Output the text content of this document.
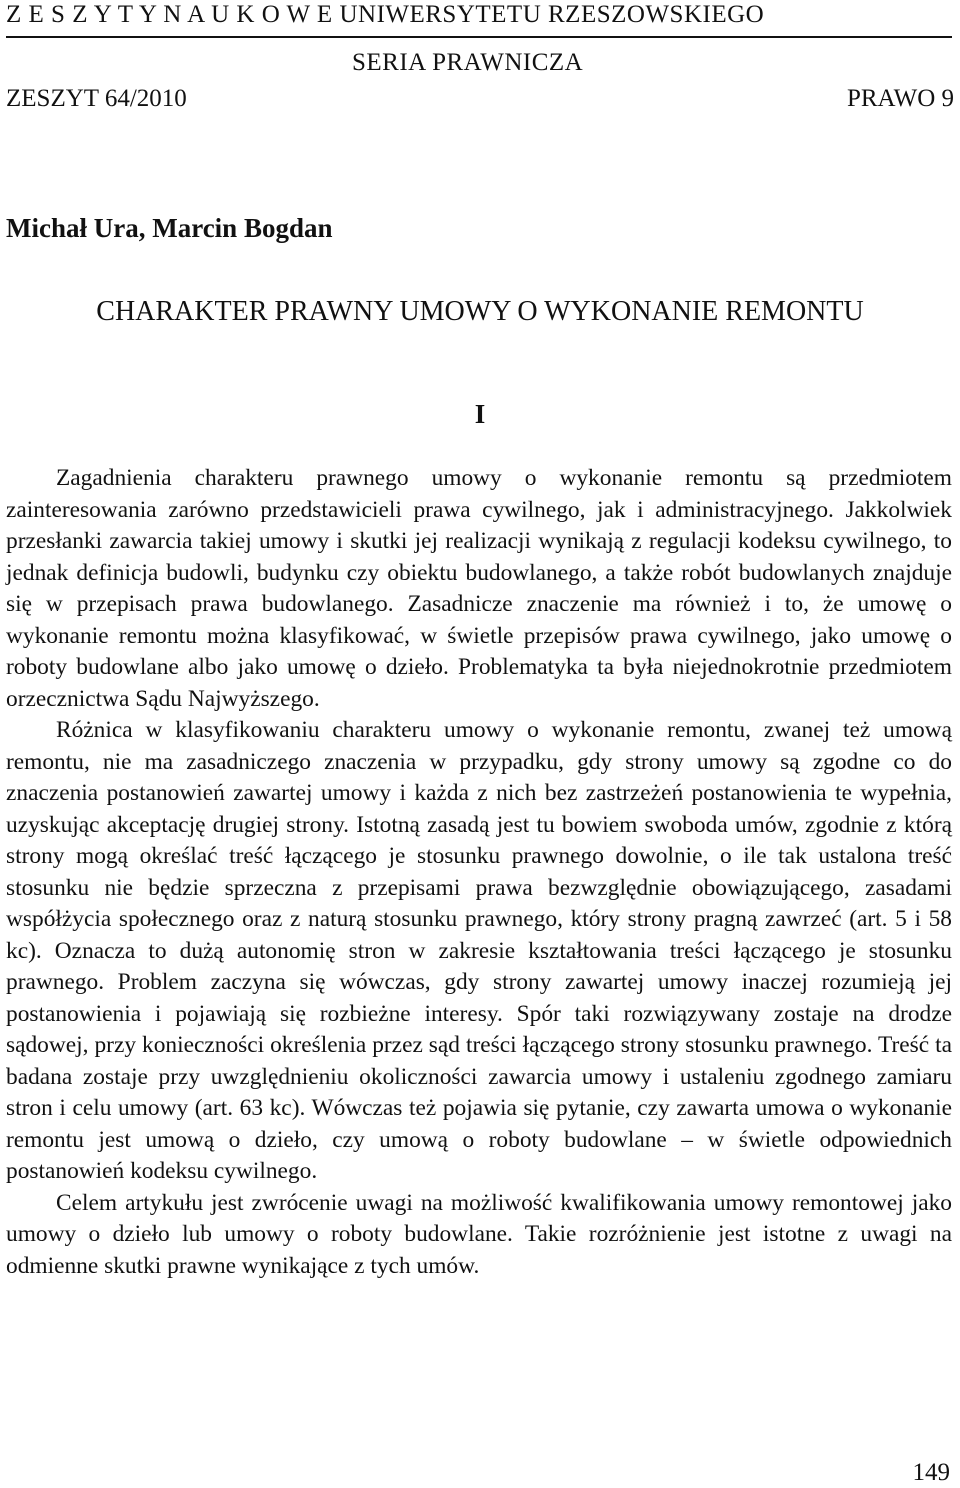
Z E S Z Y T Y N A U K O W E UNIWERSYTETU RZESZOWSKIEGO
SERIA PRAWNICZA
ZESZYT 64/2010	PRAWO 9
Michał Ura, Marcin Bogdan
CHARAKTER PRAWNY UMOWY O WYKONANIE REMONTU
I

Zagadnienia charakteru prawnego umowy o wykonanie remontu są przedmiotem zainteresowania zarówno przedstawicieli prawa cywilnego, jak i administracyjnego. Jakkolwiek przesłanki zawarcia takiej umowy i skutki jej realizacji wynikają z regulacji kodeksu cywilnego, to jednak definicja budowli, budynku czy obiektu budowlanego, a także robót budowlanych znajduje się w przepisach prawa budowlanego. Zasadnicze znaczenie ma również i to, że umowę o wykonanie remontu można klasyfikować, w świetle przepisów prawa cywilnego, jako umowę o roboty budowlane albo jako umowę o dzieło. Problematyka ta była niejednokrotnie przedmiotem orzecznictwa Sądu Najwyższego.

Różnica w klasyfikowaniu charakteru umowy o wykonanie remontu, zwanej też umową remontu, nie ma zasadniczego znaczenia w przypadku, gdy strony umowy są zgodne co do znaczenia postanowień zawartej umowy i każda z nich bez zastrzeżeń postanowienia te wypełnia, uzyskując akceptację drugiej strony. Istotną zasadą jest tu bowiem swoboda umów, zgodnie z którą strony mogą określać treść łączącego je stosunku prawnego dowolnie, o ile tak ustalona treść stosunku nie będzie sprzeczna z przepisami prawa bezwzględnie obowiązującego, zasadami współżycia społecznego oraz z naturą stosunku prawnego, który strony pragną zawrzeć (art. 5 i 58 kc). Oznacza to dużą autonomię stron w zakresie kształtowania treści łączącego je stosunku prawnego. Problem zaczyna się wówczas, gdy strony zawartej umowy inaczej rozumieją jej postanowienia i pojawiają się rozbieżne interesy. Spór taki rozwiązywany zostaje na drodze sądowej, przy konieczności określenia przez sąd treści łączącego strony stosunku prawnego. Treść ta badana zostaje przy uwzględnieniu okoliczności zawarcia umowy i ustaleniu zgodnego zamiaru stron i celu umowy (art. 63 kc). Wówczas też pojawia się pytanie, czy zawarta umowa o wykonanie remontu jest umową o dzieło, czy umową o roboty budowlane – w świetle odpowiednich postanowień kodeksu cywilnego.

Celem artykułu jest zwrócenie uwagi na możliwość kwalifikowania umowy remontowej jako umowy o dzieło lub umowy o roboty budowlane. Takie rozróżnienie jest istotne z uwagi na odmienne skutki prawne wynikające z tych umów.

149
